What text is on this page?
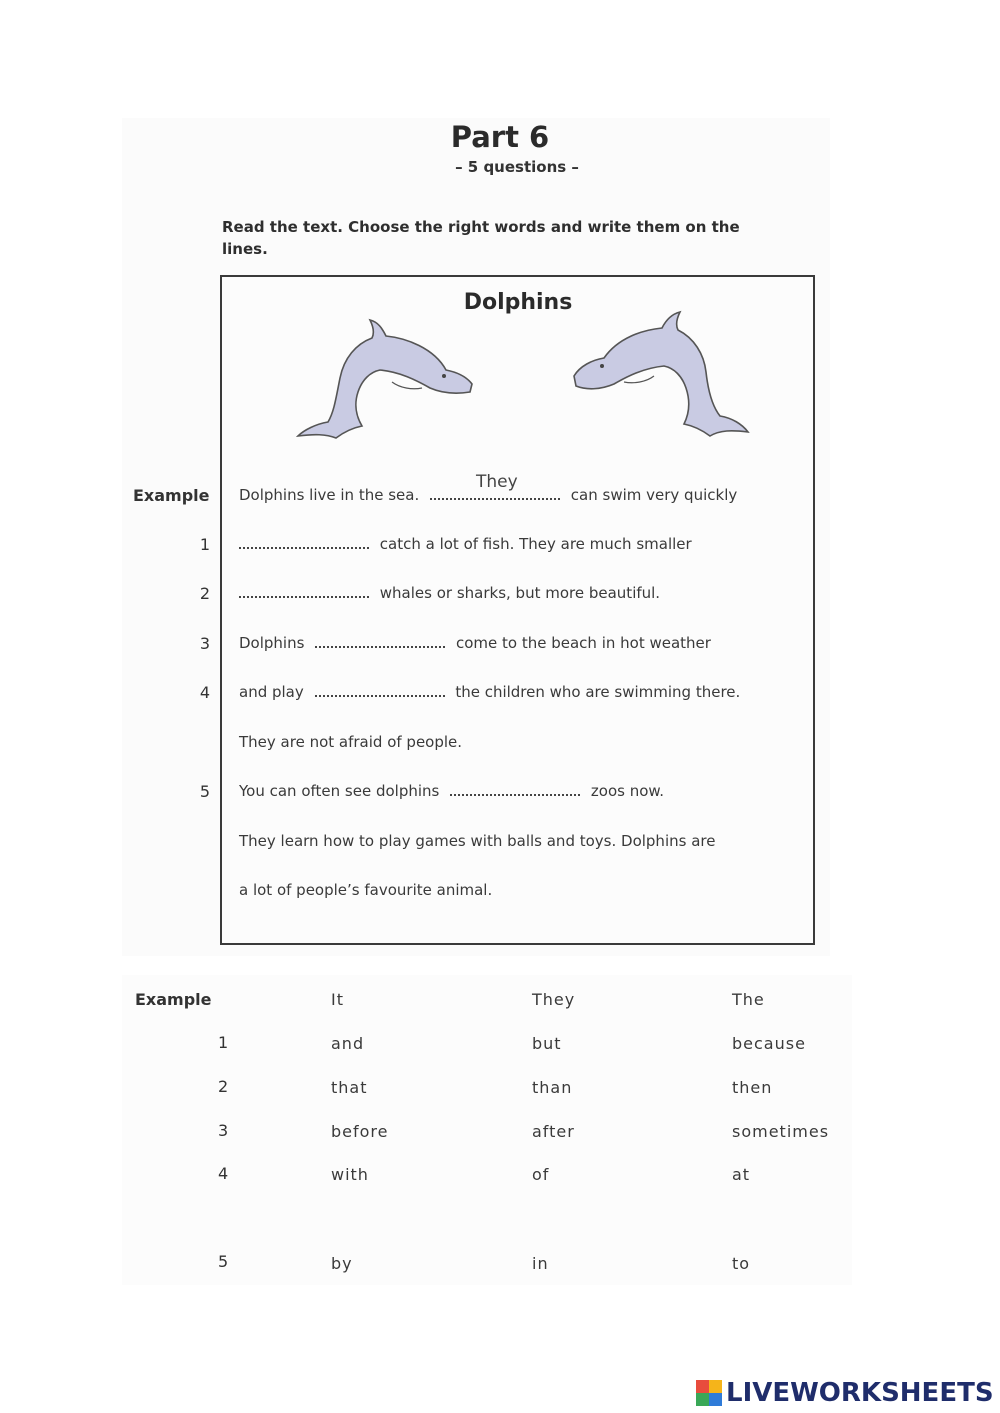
Part 6
– 5 questions –
Read the text. Choose the right words and write them on the lines.
Dolphins
Example Dolphins live in the sea.
They
can swim very quickly
1	catch a lot of fish. They are much smaller
2	whales or sharks, but more beautiful.
3 Dolphins	come to the beach in hot weather
4 and play	the children who are swimming there.
They are not afraid of people.
5 You can often see dolphins	zoos now.
They learn how to play games with balls and toys. Dolphins are
a lot of people’s favourite animal.
Example	It	They	The
1	and	but	because
2	that	than	then
3	before	after	sometimes
4	with	of	at
5	by	in	to
LIVEWORKSHEETS
